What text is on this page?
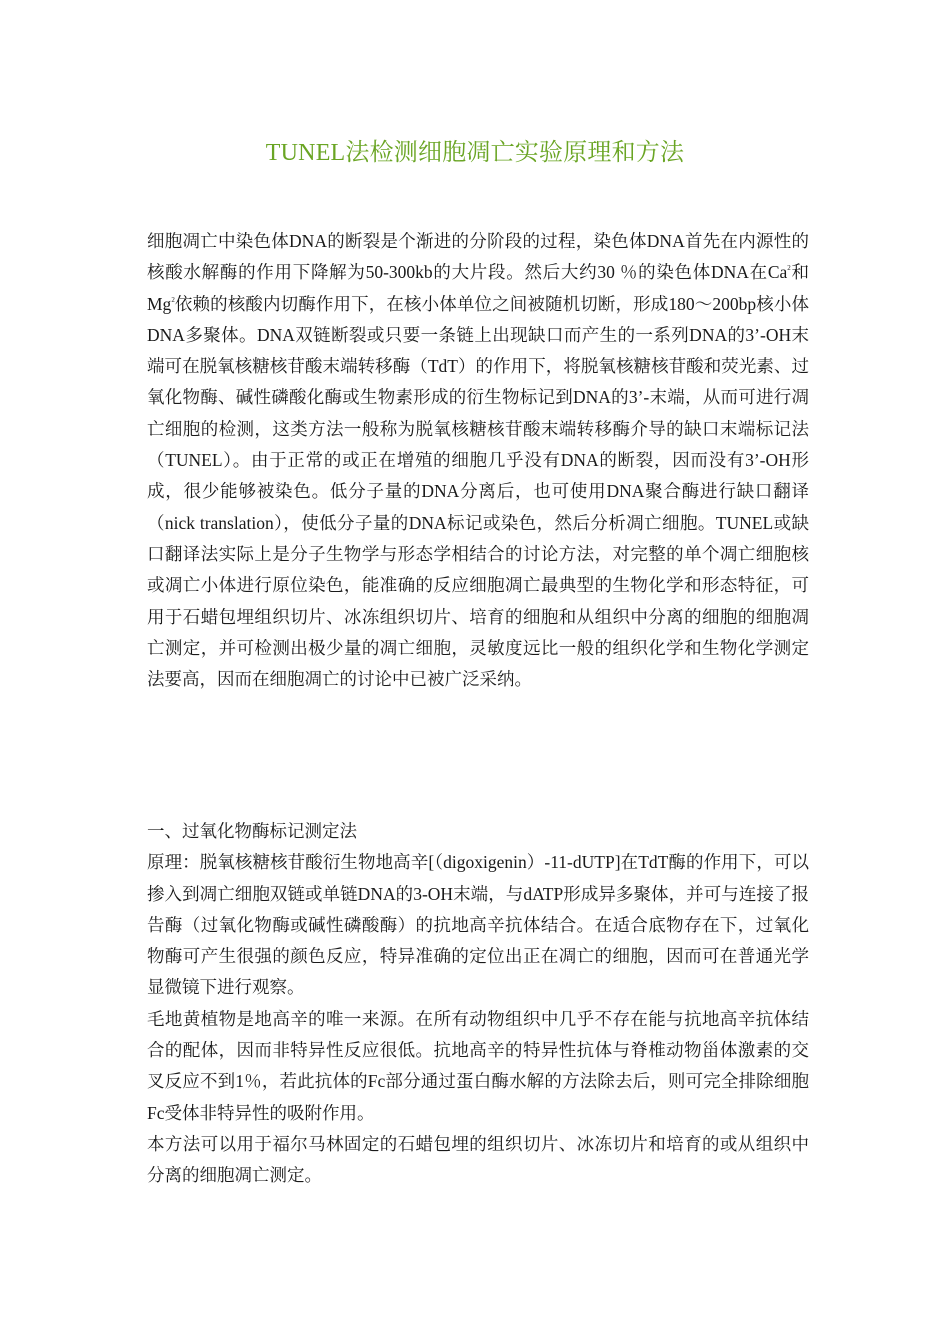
TUNEL法检测细胞凋亡实验原理和方法

细胞凋亡中染色体DNA的断裂是个渐进的分阶段的过程，染色体DNA首先在内源性的核酸水解酶的作用下降解为50-300kb的大片段。然后大约30 ％的染色体DNA在Ca$^2$和Mg$^2$依赖的核酸内切酶作用下，在核小体单位之间被随机切断，形成180～200bp核小体DNA多聚体。DNA双链断裂或只要一条链上出现缺口而产生的一系列DNA的3’-OH末端可在脱氧核糖核苷酸末端转移酶（TdT）的作用下，将脱氧核糖核苷酸和荧光素、过氧化物酶、碱性磷酸化酶或生物素形成的衍生物标记到DNA的3’-末端，从而可进行凋亡细胞的检测，这类方法一般称为脱氧核糖核苷酸末端转移酶介导的缺口末端标记法（TUNEL）。由于正常的或正在增殖的细胞几乎没有DNA的断裂，因而没有3’-OH形成，很少能够被染色。低分子量的DNA分离后，也可使用DNA聚合酶进行缺口翻译（nick translation），使低分子量的DNA标记或染色，然后分析凋亡细胞。TUNEL或缺口翻译法实际上是分子生物学与形态学相结合的讨论方法，对完整的单个凋亡细胞核或凋亡小体进行原位染色，能准确的反应细胞凋亡最典型的生物化学和形态特征，可用于石蜡包埋组织切片、冰冻组织切片、培育的细胞和从组织中分离的细胞的细胞凋亡测定，并可检测出极少量的凋亡细胞，灵敏度远比一般的组织化学和生物化学测定法要高，因而在细胞凋亡的讨论中已被广泛采纳。

一、过氧化物酶标记测定法

原理：脱氧核糖核苷酸衍生物地高辛[（digoxigenin）-11-dUTP]在TdT酶的作用下，可以掺入到凋亡细胞双链或单链DNA的3-OH末端，与dATP形成异多聚体，并可与连接了报告酶（过氧化物酶或碱性磷酸酶）的抗地高辛抗体结合。在适合底物存在下，过氧化物酶可产生很强的颜色反应，特异准确的定位出正在凋亡的细胞，因而可在普通光学显微镜下进行观察。

毛地黄植物是地高辛的唯一来源。在所有动物组织中几乎不存在能与抗地高辛抗体结合的配体，因而非特异性反应很低。抗地高辛的特异性抗体与脊椎动物甾体激素的交叉反应不到1％，若此抗体的Fc部分通过蛋白酶水解的方法除去后，则可完全排除细胞Fc受体非特异性的吸附作用。

本方法可以用于福尔马林固定的石蜡包埋的组织切片、冰冻切片和培育的或从组织中分离的细胞凋亡测定。
